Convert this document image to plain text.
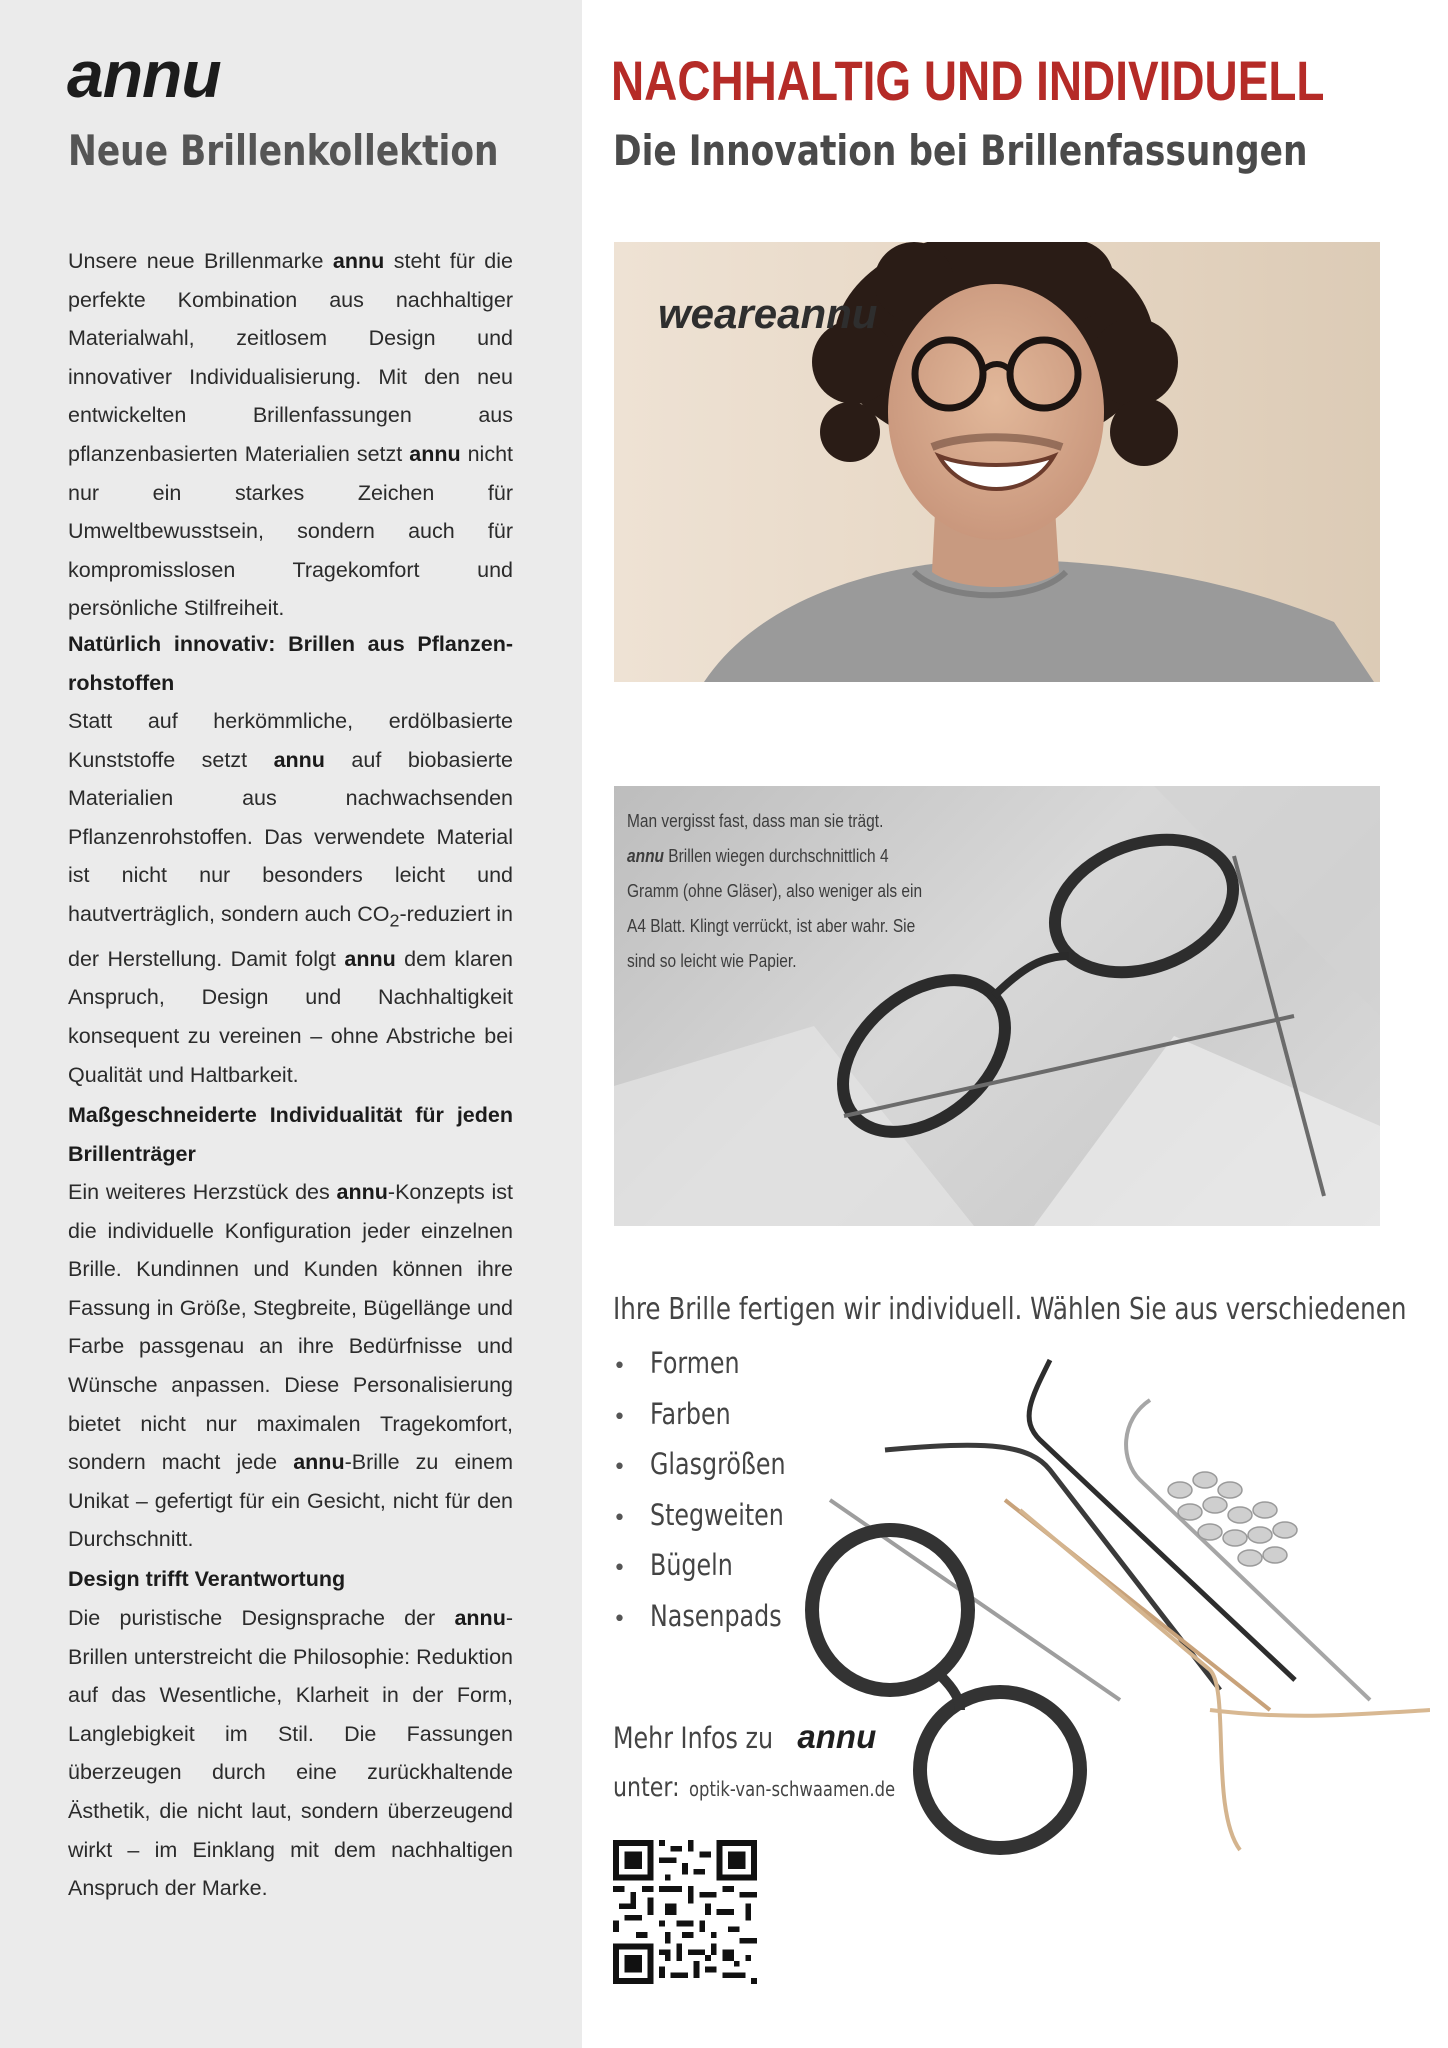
annu
Neue Brillenkollektion

Unsere neue Brillenmarke annu steht für die perfekte Kombination aus nachhaltiger Materialwahl, zeitlosem Design und innovativer Individualisierung. Mit den neu entwickelten Brillenfassungen aus pflanzenbasierten Materialien setzt annu nicht nur ein starkes Zeichen für Umweltbewusstsein, sondern auch für kompromisslosen Tragekomfort und persönliche Stilfreiheit.

Natürlich innovativ: Brillen aus Pflanzen-rohstoffen

Statt auf herkömmliche, erdölbasierte Kunststoffe setzt annu auf biobasierte Materialien aus nachwachsenden Pflanzenrohstoffen. Das verwendete Material ist nicht nur besonders leicht und hautverträglich, sondern auch $CO_2$-reduziert in der Herstellung. Damit folgt annu dem klaren Anspruch, Design und Nachhaltigkeit konsequent zu vereinen – ohne Abstriche bei Qualität und Haltbarkeit.

Maßgeschneiderte Individualität für jeden Brillenträger

Ein weiteres Herzstück des annu-Konzepts ist die individuelle Konfiguration jeder einzelnen Brille. Kundinnen und Kunden können ihre Fassung in Größe, Stegbreite, Bügellänge und Farbe passgenau an ihre Bedürfnisse und Wünsche anpassen. Diese Personalisierung bietet nicht nur maximalen Tragekomfort, sondern macht jede annu-Brille zu einem Unikat – gefertigt für ein Gesicht, nicht für den Durchschnitt.

Design trifft Verantwortung

Die puristische Designsprache der annu-Brillen unterstreicht die Philosophie: Reduktion auf das Wesentliche, Klarheit in der Form, Langlebigkeit im Stil. Die Fassungen überzeugen durch eine zurückhaltende Ästhetik, die nicht laut, sondern überzeugend wirkt – im Einklang mit dem nachhaltigen Anspruch der Marke.

NACHHALTIG UND INDIVIDUELL
Die Innovation bei Brillenfassungen
weareannu

Man vergisst fast, dass man sie trägt.
annu Brillen wiegen durchschnittlich 4 Gramm (ohne Gläser), also weniger als ein A4 Blatt. Klingt verrückt, ist aber wahr. Sie sind so leicht wie Papier.

Ihre Brille fertigen wir individuell. Wählen Sie aus verschiedenen
• Formen
• Farben
• Glasgrößen
• Stegweiten
• Bügeln
• Nasenpads
Mehr Infos zu annu
unter: optik-van-schwaamen.de
